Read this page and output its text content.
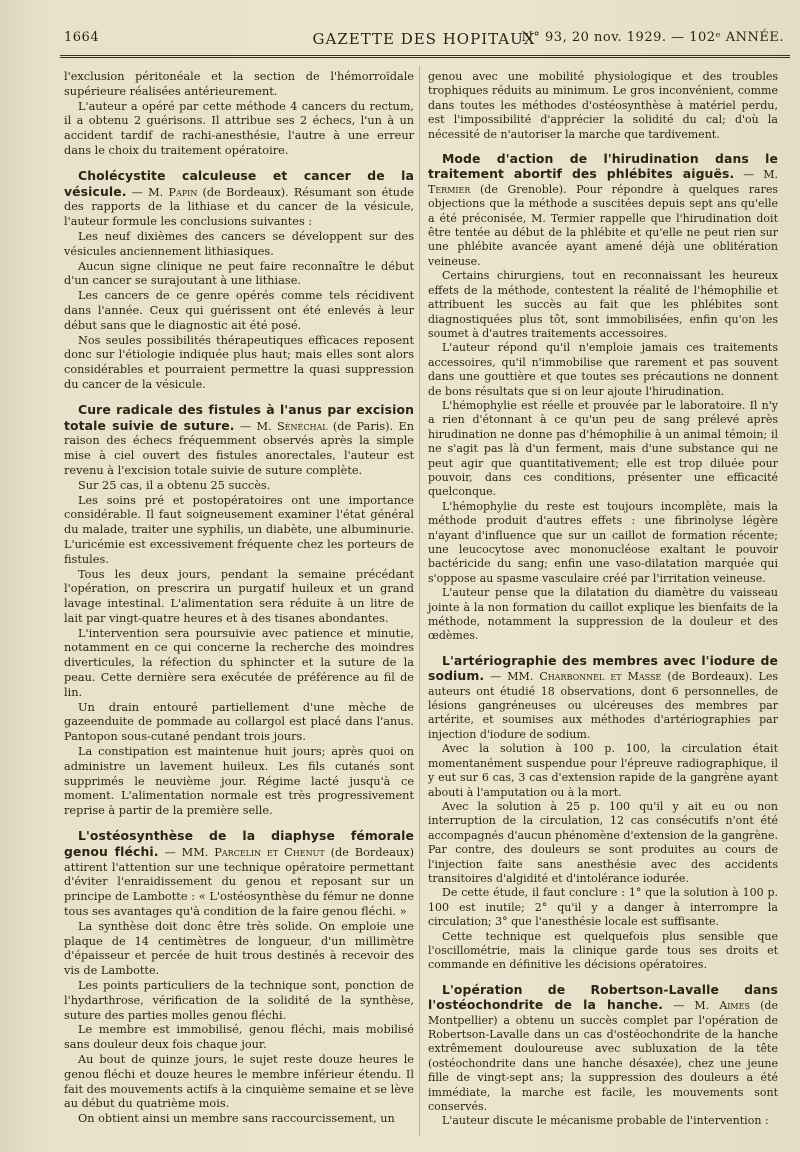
1664	GAZETTE DES HOPITAUX
N° 93, 20 nov. 1929. — 102ᵉ ANNÉE.

l'exclusion péritonéale et la section de l'hémorroïdale supérieure réalisées antérieurement.

L'auteur a opéré par cette méthode 4 cancers du rectum, il a obtenu 2 guérisons. Il attribue ses 2 échecs, l'un à un accident tardif de rachi-anesthésie, l'autre à une erreur dans le choix du traitement opératoire.

Cholécystite calculeuse et cancer de la vésicule. — M. Papin (de Bordeaux). Résumant son étude des rapports de la lithiase et du cancer de la vésicule, l'auteur formule les conclusions suivantes :

Les neuf dixièmes des cancers se développent sur des vésicules anciennement lithiasiques.

Aucun signe clinique ne peut faire reconnaître le début d'un cancer se surajoutant à une lithiase.

Les cancers de ce genre opérés comme tels récidivent dans l'année. Ceux qui guérissent ont été enlevés à leur début sans que le diagnostic ait été posé.

Nos seules possibilités thérapeutiques efficaces reposent donc sur l'étiologie indiquée plus haut; mais elles sont alors considérables et pourraient permettre la quasi suppression du cancer de la vésicule.

Cure radicale des fistules à l'anus par excision totale suivie de suture. — M. Sénéchal (de Paris). En raison des échecs fréquemment observés après la simple mise à ciel ouvert des fistules anorectales, l'auteur est revenu à l'excision totale suivie de suture complète.

Sur 25 cas, il a obtenu 25 succès.

Les soins pré et postopératoires ont une importance considérable. Il faut soigneusement examiner l'état général du malade, traiter une syphilis, un diabète, une albuminurie. L'uricémie est excessivement fréquente chez les porteurs de fistules.

Tous les deux jours, pendant la semaine précédant l'opération, on prescrira un purgatif huileux et un grand lavage intestinal. L'alimentation sera réduite à un litre de lait par vingt-quatre heures et à des tisanes abondantes.

L'intervention sera poursuivie avec patience et minutie, notamment en ce qui concerne la recherche des moindres diverticules, la réfection du sphincter et la suture de la peau. Cette dernière sera exécutée de préférence au fil de lin.

Un drain entouré partiellement d'une mèche de gazeenduite de pommade au collargol est placé dans l'anus. Pantopon sous-cutané pendant trois jours.

La constipation est maintenue huit jours; après quoi on administre un lavement huileux. Les fils cutanés sont supprimés le neuvième jour. Régime lacté jusqu'à ce moment. L'alimentation normale est très progressivement reprise à partir de la première selle.

L'ostéosynthèse de la diaphyse fémorale genou fléchi. — MM. Parcelin et Chenut (de Bordeaux) attirent l'attention sur une technique opératoire permettant d'éviter l'enraidissement du genou et reposant sur un principe de Lambotte : « L'ostéosynthèse du fémur ne donne tous ses avantages qu'à condition de la faire genou fléchi. »

La synthèse doit donc être très solide. On emploie une plaque de 14 centimètres de longueur, d'un millimètre d'épaisseur et percée de huit trous destinés à recevoir des vis de Lambotte.

Les points particuliers de la technique sont, ponction de l'hydarthrose, vérification de la solidité de la synthèse, suture des parties molles genou fléchi.

Le membre est immobilisé, genou fléchi, mais mobilisé sans douleur deux fois chaque jour.

Au bout de quinze jours, le sujet reste douze heures le genou fléchi et douze heures le membre inférieur étendu. Il fait des mouvements actifs à la cinquième semaine et se lève au début du quatrième mois.

On obtient ainsi un membre sans raccourcissement, un

genou avec une mobilité physiologique et des troubles trophiques réduits au minimum. Le gros inconvénient, comme dans toutes les méthodes d'ostéosynthèse à matériel perdu, est l'impossibilité d'apprécier la solidité du cal; d'où la nécessité de n'autoriser la marche que tardivement.

Mode d'action de l'hirudination dans le traitement abortif des phlébites aiguës. — M. Termier (de Grenoble). Pour répondre à quelques rares objections que la méthode a suscitées depuis sept ans qu'elle a été préconisée, M. Termier rappelle que l'hirudination doit être tentée au début de la phlébite et qu'elle ne peut rien sur une phlébite avancée ayant amené déjà une oblitération veineuse.

Certains chirurgiens, tout en reconnaissant les heureux effets de la méthode, contestent la réalité de l'hémophilie et attribuent les succès au fait que les phlébites sont diagnostiquées plus tôt, sont immobilisées, enfin qu'on les soumet à d'autres traitements accessoires.

L'auteur répond qu'il n'emploie jamais ces traitements accessoires, qu'il n'immobilise que rarement et pas souvent dans une gouttière et que toutes ses précautions ne donnent de bons résultats que si on leur ajoute l'hirudination.

L'hémophylie est réelle et prouvée par le laboratoire. Il n'y a rien d'étonnant à ce qu'un peu de sang prélevé après hirudination ne donne pas d'hémophilie à un animal témoin; il ne s'agit pas là d'un ferment, mais d'une substance qui ne peut agir que quantitativement; elle est trop diluée pour pouvoir, dans ces conditions, présenter une efficacité quelconque.

L'hémophylie du reste est toujours incomplète, mais la méthode produit d'autres effets : une fibrinolyse légère n'ayant d'influence que sur un caillot de formation récente; une leucocytose avec mononucléose exaltant le pouvoir bactéricide du sang; enfin une vaso-dilatation marquée qui s'oppose au spasme vasculaire créé par l'irritation veineuse.

L'auteur pense que la dilatation du diamètre du vaisseau jointe à la non formation du caillot explique les bienfaits de la méthode, notamment la suppression de la douleur et des œdèmes.

L'artériographie des membres avec l'iodure de sodium. — MM. Charbonnel et Masse (de Bordeaux). Les auteurs ont étudié 18 observations, dont 6 personnelles, de lésions gangréneuses ou ulcéreuses des membres par artérite, et soumises aux méthodes d'artériographies par injection d'iodure de sodium.

Avec la solution à 100 p. 100, la circulation était momentanément suspendue pour l'épreuve radiographique, il y eut sur 6 cas, 3 cas d'extension rapide de la gangrène ayant abouti à l'amputation ou à la mort.

Avec la solution à 25 p. 100 qu'il y ait eu ou non interruption de la circulation, 12 cas consécutifs n'ont été accompagnés d'aucun phénomène d'extension de la gangrène. Par contre, des douleurs se sont produites au cours de l'injection faite sans anesthésie avec des accidents transitoires d'algidité et d'intolérance iodurée.

De cette étude, il faut conclure : 1° que la solution à 100 p. 100 est inutile; 2° qu'il y a danger à interrompre la circulation; 3° que l'anesthésie locale est suffisante.

Cette technique est quelquefois plus sensible que l'oscillométrie, mais la clinique garde tous ses droits et commande en définitive les décisions opératoires.

L'opération de Robertson-Lavalle dans l'ostéochondrite de la hanche. — M. Aimes (de Montpellier) a obtenu un succès complet par l'opération de Robertson-Lavalle dans un cas d'ostéochondrite de la hanche extrêmement douloureuse avec subluxation de la tête (ostéochondrite dans une hanche désaxée), chez une jeune fille de vingt-sept ans; la suppression des douleurs a été immédiate, la marche est facile, les mouvements sont conservés.

L'auteur discute le mécanisme probable de l'intervention :
